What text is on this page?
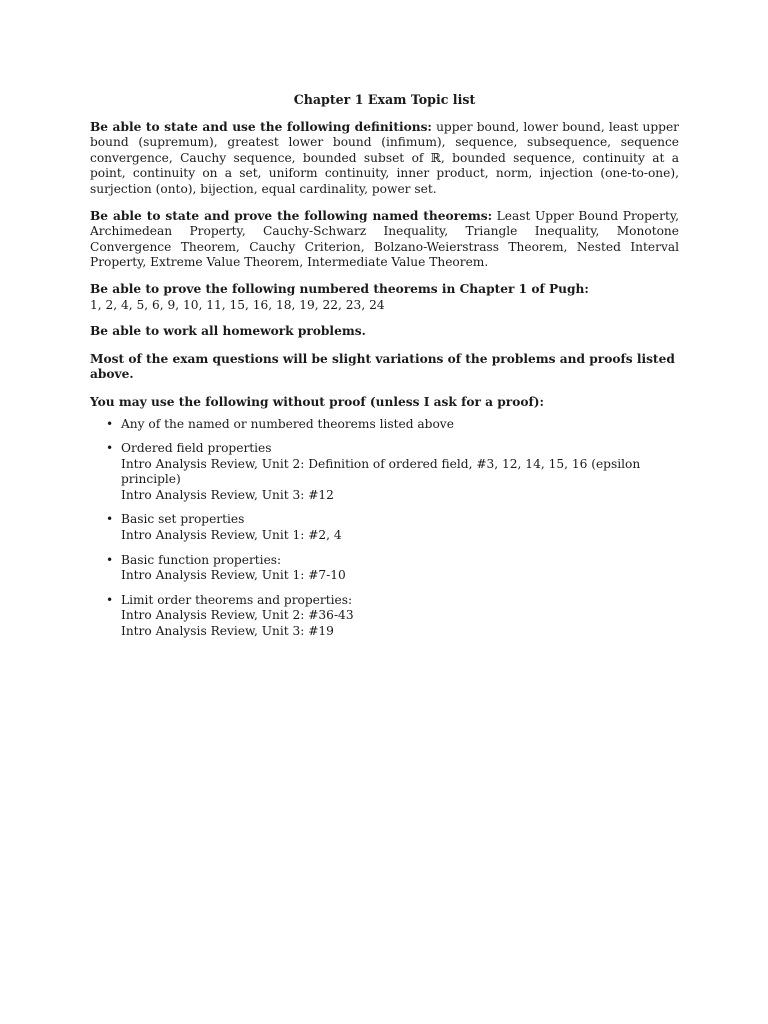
Chapter 1 Exam Topic list

Be able to state and use the following definitions: upper bound, lower bound, least upper bound (supremum), greatest lower bound (infimum), sequence, subsequence, sequence convergence, Cauchy sequence, bounded subset of ℝ, bounded sequence, continuity at a point, continuity on a set, uniform continuity, inner product, norm, injection (one-to-one), surjection (onto), bijection, equal cardinality, power set.

Be able to state and prove the following named theorems: Least Upper Bound Property, Archimedean Property, Cauchy-Schwarz Inequality, Triangle Inequality, Monotone Convergence Theorem, Cauchy Criterion, Bolzano-Weierstrass Theorem, Nested Interval Property, Extreme Value Theorem, Intermediate Value Theorem.

Be able to prove the following numbered theorems in Chapter 1 of Pugh:
1, 2, 4, 5, 6, 9, 10, 11, 15, 16, 18, 19, 22, 23, 24

Be able to work all homework problems.

Most of the exam questions will be slight variations of the problems and proofs listed above.

You may use the following without proof (unless I ask for a proof):

• Any of the named or numbered theorems listed above
• Ordered field properties
Intro Analysis Review, Unit 2: Definition of ordered field, #3, 12, 14, 15, 16 (epsilon principle)
Intro Analysis Review, Unit 3: #12
• Basic set properties
Intro Analysis Review, Unit 1: #2, 4
• Basic function properties:
Intro Analysis Review, Unit 1: #7-10
• Limit order theorems and properties:
Intro Analysis Review, Unit 2: #36-43
Intro Analysis Review, Unit 3: #19
